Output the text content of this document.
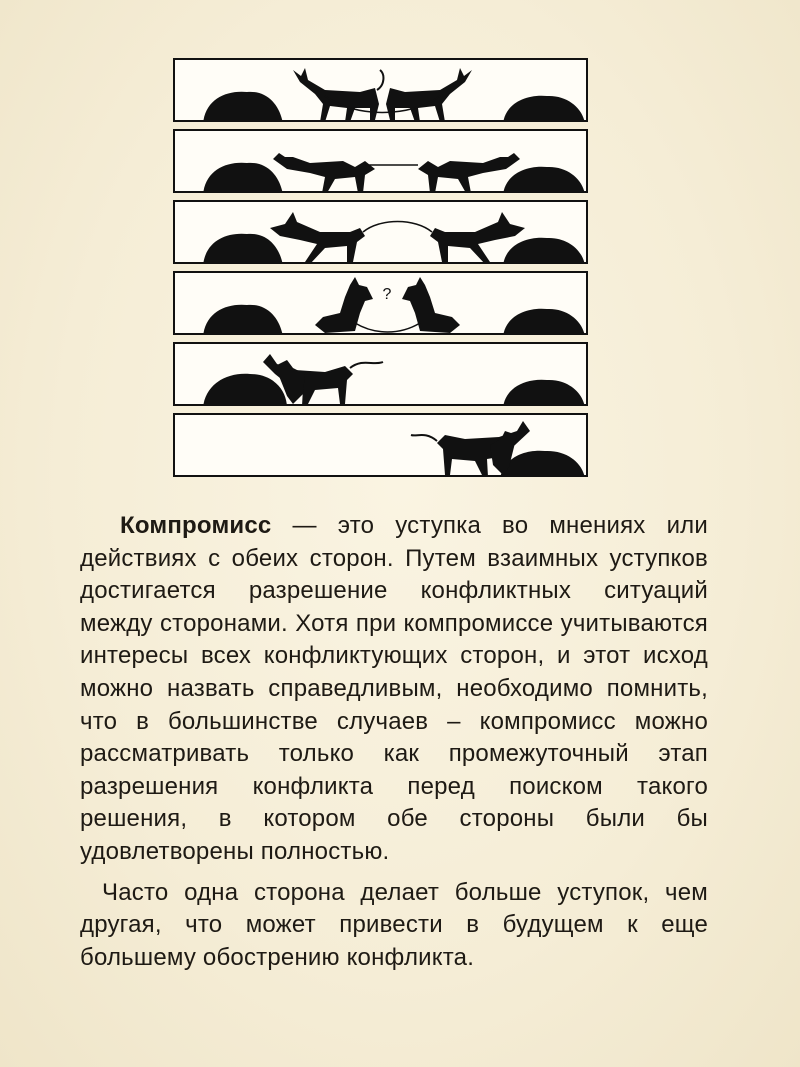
?

Компромисс — это уступка во мнениях или действиях с обеих сторон. Путем взаимных уступков достигается разрешение конфликтных ситуаций между сторонами. Хотя при компромиссе учитываются интересы всех конфликтующих сторон, и этот исход можно назвать справедливым, необходимо помнить, что в большинстве случаев – компромисс можно рассматривать только как промежуточный этап разрешения конфликта перед поиском такого решения, в котором обе стороны были бы удовлетворены полностью.

Часто одна сторона делает больше уступок, чем другая, что может привести в будущем к еще большему обострению конфликта.
